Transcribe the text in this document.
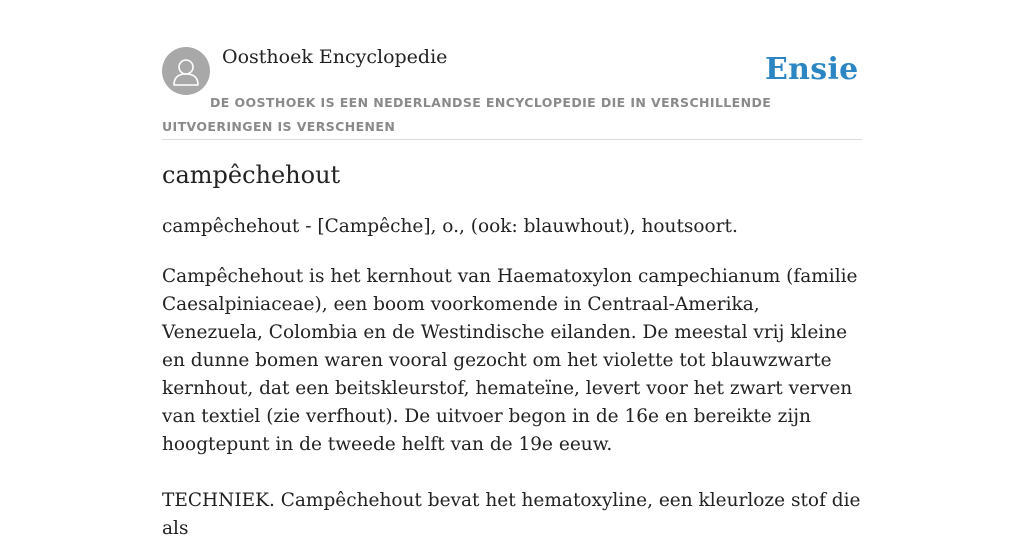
Oosthoek Encyclopedie	Ensie
DE OOSTHOEK IS EEN NEDERLANDSE ENCYCLOPEDIE DIE IN VERSCHILLENDE UITVOERINGEN IS VERSCHENEN
campêchehout

campêchehout - [Campêche], o., (ook: blauwhout), houtsoort.

Campêchehout is het kernhout van Haematoxylon campechianum (familie Caesalpiniaceae), een boom voorkomende in Centraal-Amerika, Venezuela, Colombia en de Westindische eilanden. De meestal vrij kleine en dunne bomen waren vooral gezocht om het violette tot blauwzwarte kernhout, dat een beitskleurstof, hemateïne, levert voor het zwart verven van textiel (zie verfhout). De uitvoer begon in de 16e en bereikte zijn hoogtepunt in de tweede helft van de 19e eeuw.

TECHNIEK. Campêchehout bevat het hematoxyline, een kleurloze stof die als
